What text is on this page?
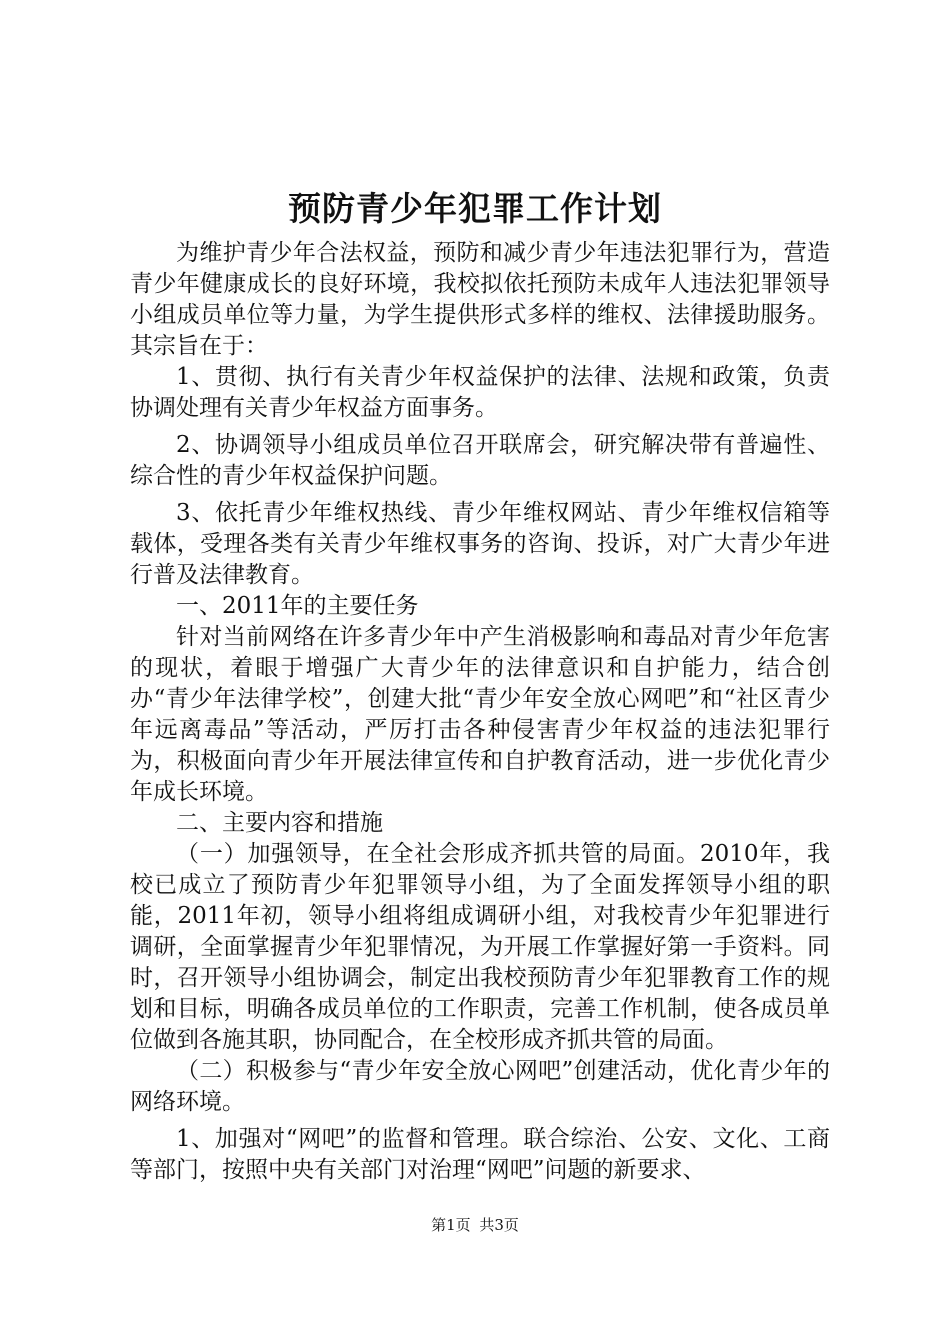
预防青少年犯罪工作计划

为维护青少年合法权益，预防和减少青少年违法犯罪行为，营造青少年健康成长的良好环境，我校拟依托预防未成年人违法犯罪领导小组成员单位等力量，为学生提供形式多样的维权、法律援助服务。其宗旨在于：

1、贯彻、执行有关青少年权益保护的法律、法规和政策，负责协调处理有关青少年权益方面事务。

2、协调领导小组成员单位召开联席会，研究解决带有普遍性、综合性的青少年权益保护问题。

3、依托青少年维权热线、青少年维权网站、青少年维权信箱等载体，受理各类有关青少年维权事务的咨询、投诉，对广大青少年进行普及法律教育。

一、2011年的主要任务

针对当前网络在许多青少年中产生消极影响和毒品对青少年危害的现状，着眼于增强广大青少年的法律意识和自护能力，结合创办“青少年法律学校”，创建大批“青少年安全放心网吧”和“社区青少年远离毒品”等活动，严厉打击各种侵害青少年权益的违法犯罪行为，积极面向青少年开展法律宣传和自护教育活动，进一步优化青少年成长环境。

二、主要内容和措施

（一）加强领导，在全社会形成齐抓共管的局面。2010年，我校已成立了预防青少年犯罪领导小组，为了全面发挥领导小组的职能，2011年初，领导小组将组成调研小组，对我校青少年犯罪进行调研，全面掌握青少年犯罪情况，为开展工作掌握好第一手资料。同时，召开领导小组协调会，制定出我校预防青少年犯罪教育工作的规划和目标，明确各成员单位的工作职责，完善工作机制，使各成员单位做到各施其职，协同配合，在全校形成齐抓共管的局面。

（二）积极参与“青少年安全放心网吧”创建活动，优化青少年的网络环境。

1、加强对“网吧”的监督和管理。联合综治、公安、文化、工商等部门，按照中央有关部门对治理“网吧”问题的新要求、

第1页 共3页
